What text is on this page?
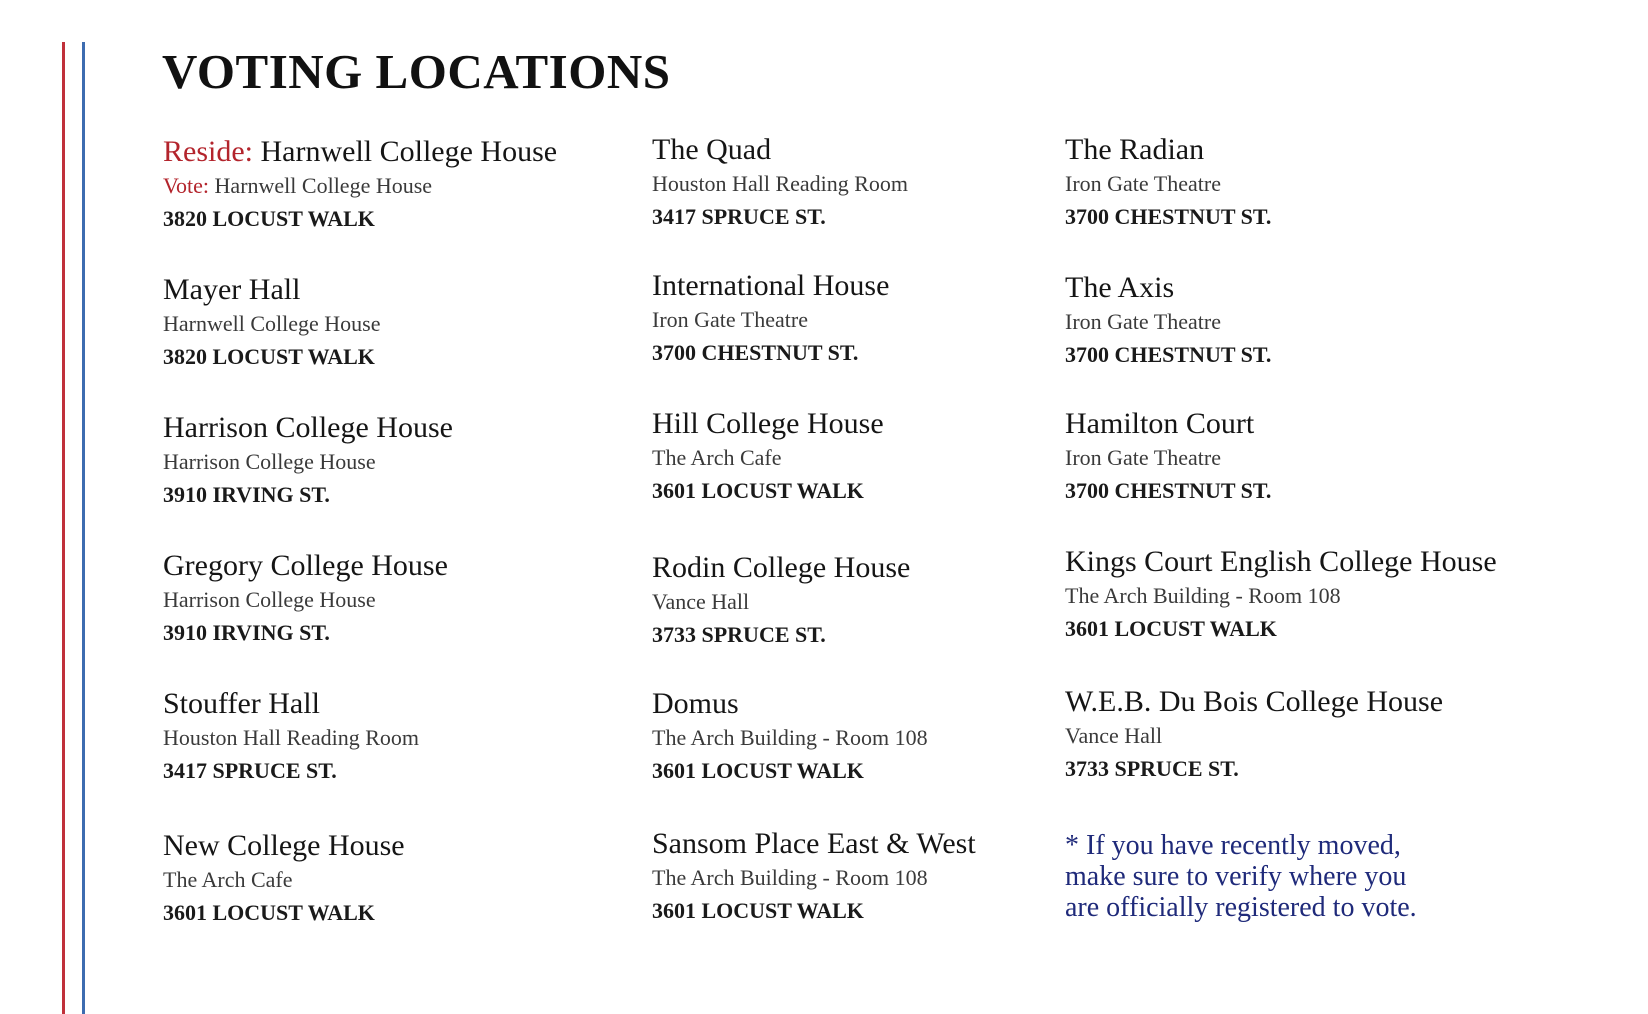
VOTING LOCATIONS
Reside: Harnwell College House
Vote: Harnwell College House
3820 LOCUST WALK
Mayer Hall
Harnwell College House
3820 LOCUST WALK
Harrison College House
Harrison College House
3910 IRVING ST.
Gregory College House
Harrison College House
3910 IRVING ST.
Stouffer Hall
Houston Hall Reading Room
3417 SPRUCE ST.
New College House
The Arch Cafe
3601 LOCUST WALK
The Quad
Houston Hall Reading Room
3417 SPRUCE ST.
International House
Iron Gate Theatre
3700 CHESTNUT ST.
Hill College House
The Arch Cafe
3601 LOCUST WALK
Rodin College House
Vance Hall
3733 SPRUCE ST.
Domus
The Arch Building - Room 108
3601 LOCUST WALK
Sansom Place East & West
The Arch Building - Room 108
3601 LOCUST WALK
The Radian
Iron Gate Theatre
3700 CHESTNUT ST.
The Axis
Iron Gate Theatre
3700 CHESTNUT ST.
Hamilton Court
Iron Gate Theatre
3700 CHESTNUT ST.
Kings Court English College House
The Arch Building - Room 108
3601 LOCUST WALK
W.E.B. Du Bois College House
Vance Hall
3733 SPRUCE ST.
* If you have recently moved,
make sure to verify where you
are officially registered to vote.
